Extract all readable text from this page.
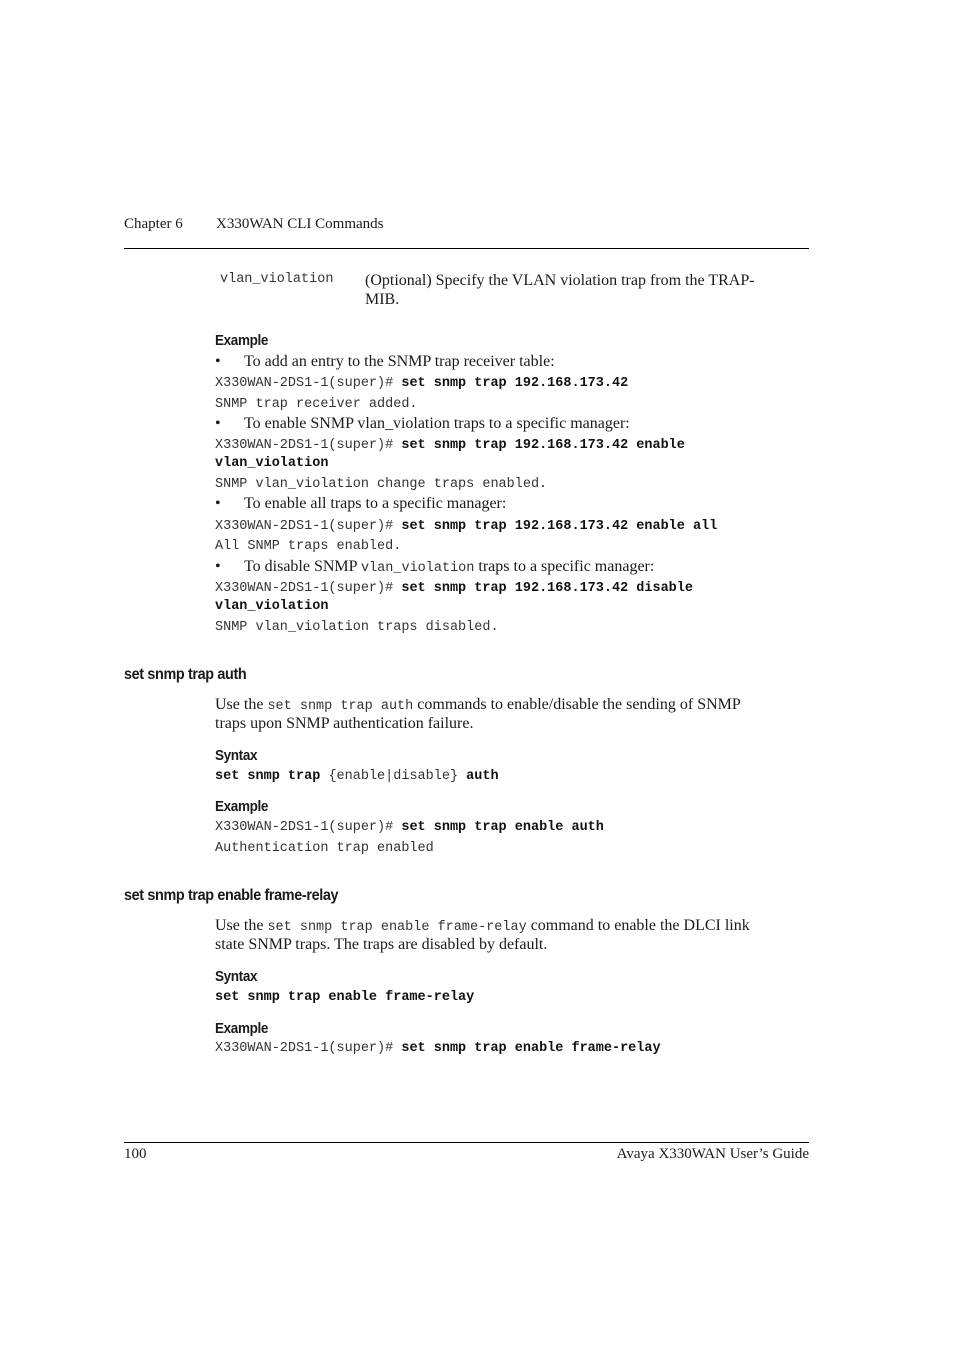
Chapter 6 X330WAN CLI Commands
vlan_violation (Optional) Specify the VLAN violation trap from the TRAP-
MIB.
Example
• To add an entry to the SNMP trap receiver table:
X330WAN-2DS1-1(super)# set snmp trap 192.168.173.42
SNMP trap receiver added.
• To enable SNMP vlan_violation traps to a specific manager:
X330WAN-2DS1-1(super)# set snmp trap 192.168.173.42 enable
vlan_violation
SNMP vlan_violation change traps enabled.
• To enable all traps to a specific manager:
X330WAN-2DS1-1(super)# set snmp trap 192.168.173.42 enable all
All SNMP traps enabled.
• To disable SNMP vlan_violation traps to a specific manager:
X330WAN-2DS1-1(super)# set snmp trap 192.168.173.42 disable
vlan_violation
SNMP vlan_violation traps disabled.
set snmp trap auth
Use the set snmp trap auth commands to enable/disable the sending of SNMP
traps upon SNMP authentication failure.
Syntax
set snmp trap {enable|disable} auth
Example
X330WAN-2DS1-1(super)# set snmp trap enable auth
Authentication trap enabled
set snmp trap enable frame-relay
Use the set snmp trap enable frame-relay command to enable the DLCI link
state SNMP traps. The traps are disabled by default.
Syntax
set snmp trap enable frame-relay
Example
X330WAN-2DS1-1(super)# set snmp trap enable frame-relay
100	Avaya X330WAN User’s Guide
